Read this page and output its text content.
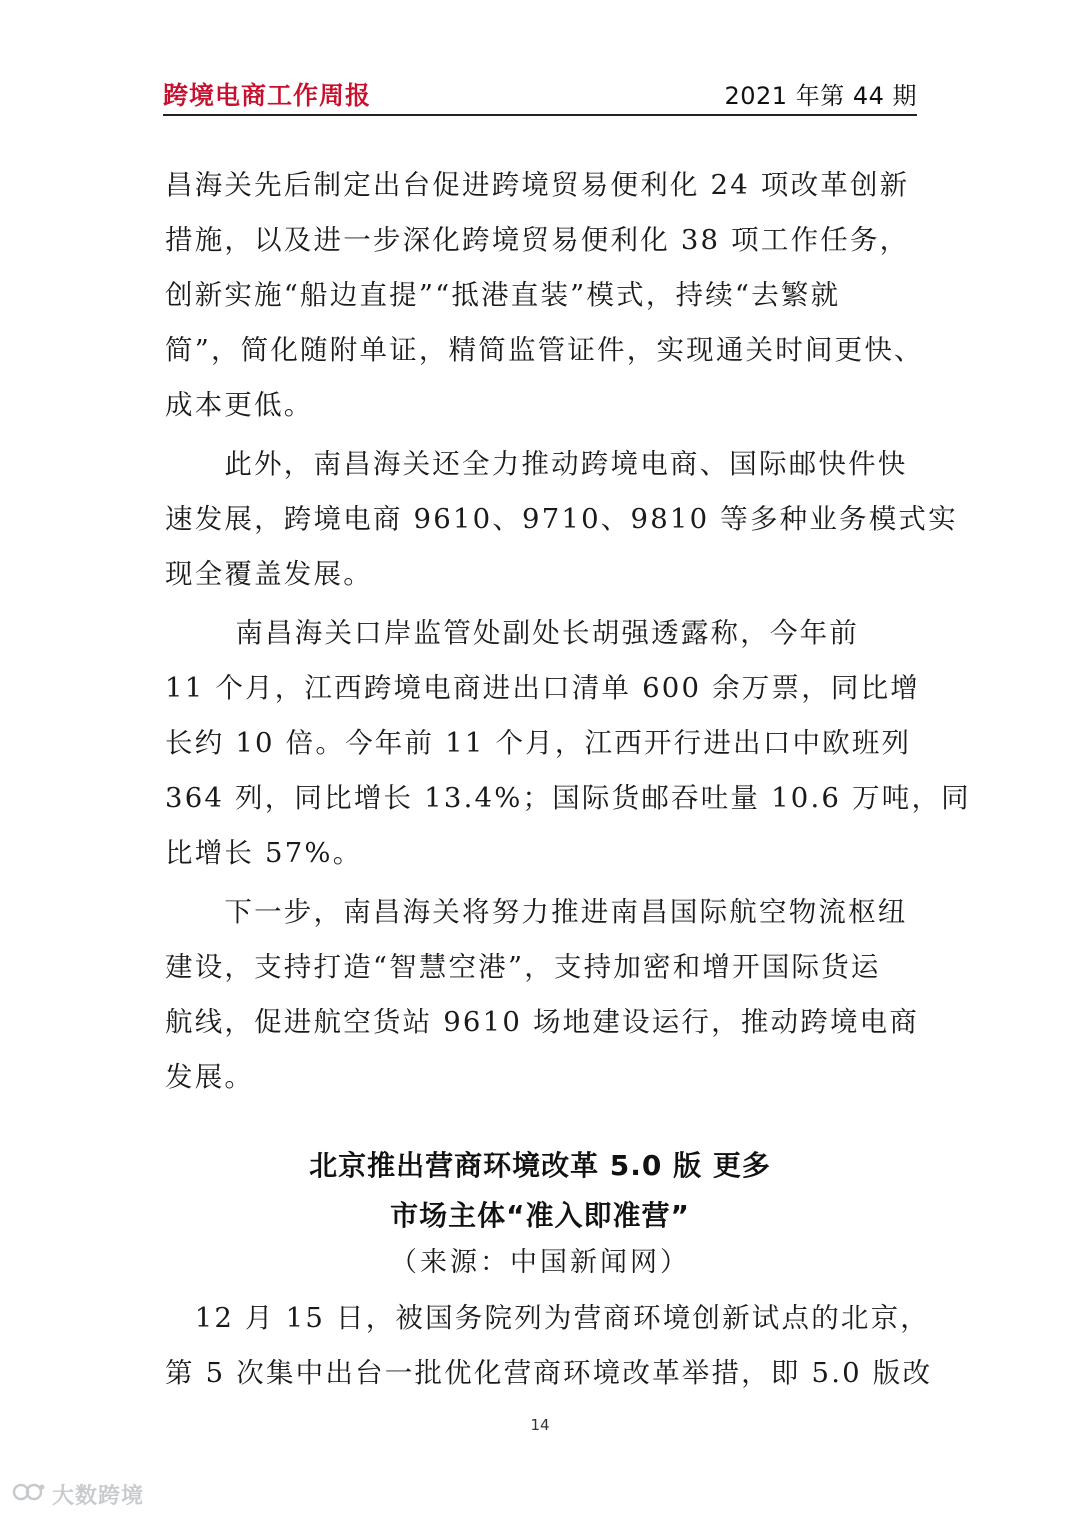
跨境电商工作周报	2021 年第 44 期
昌海关先后制定出台促进跨境贸易便利化 24 项改革创新
措施，以及进一步深化跨境贸易便利化 38 项工作任务，
创新实施“船边直提”“抵港直装”模式，持续“去繁就
简”，简化随附单证，精简监管证件，实现通关时间更快、
成本更低。
　　此外，南昌海关还全力推动跨境电商、国际邮快件快
速发展，跨境电商 9610、9710、9810 等多种业务模式实
现全覆盖发展。
　　 南昌海关口岸监管处副处长胡强透露称，今年前
11 个月，江西跨境电商进出口清单 600 余万票，同比增
长约 10 倍。今年前 11 个月，江西开行进出口中欧班列
364 列，同比增长 13.4%；国际货邮吞吐量 10.6 万吨，同
比增长 57%。
　　下一步，南昌海关将努力推进南昌国际航空物流枢纽
建设，支持打造“智慧空港”，支持加密和增开国际货运
航线，促进航空货站 9610 场地建设运行，推动跨境电商
发展。
北京推出营商环境改革 5.0 版 更多
市场主体“准入即准营”
（来源：中国新闻网）
　12 月 15 日，被国务院列为营商环境创新试点的北京，
第 5 次集中出台一批优化营商环境改革举措，即 5.0 版改
14
大数跨境
